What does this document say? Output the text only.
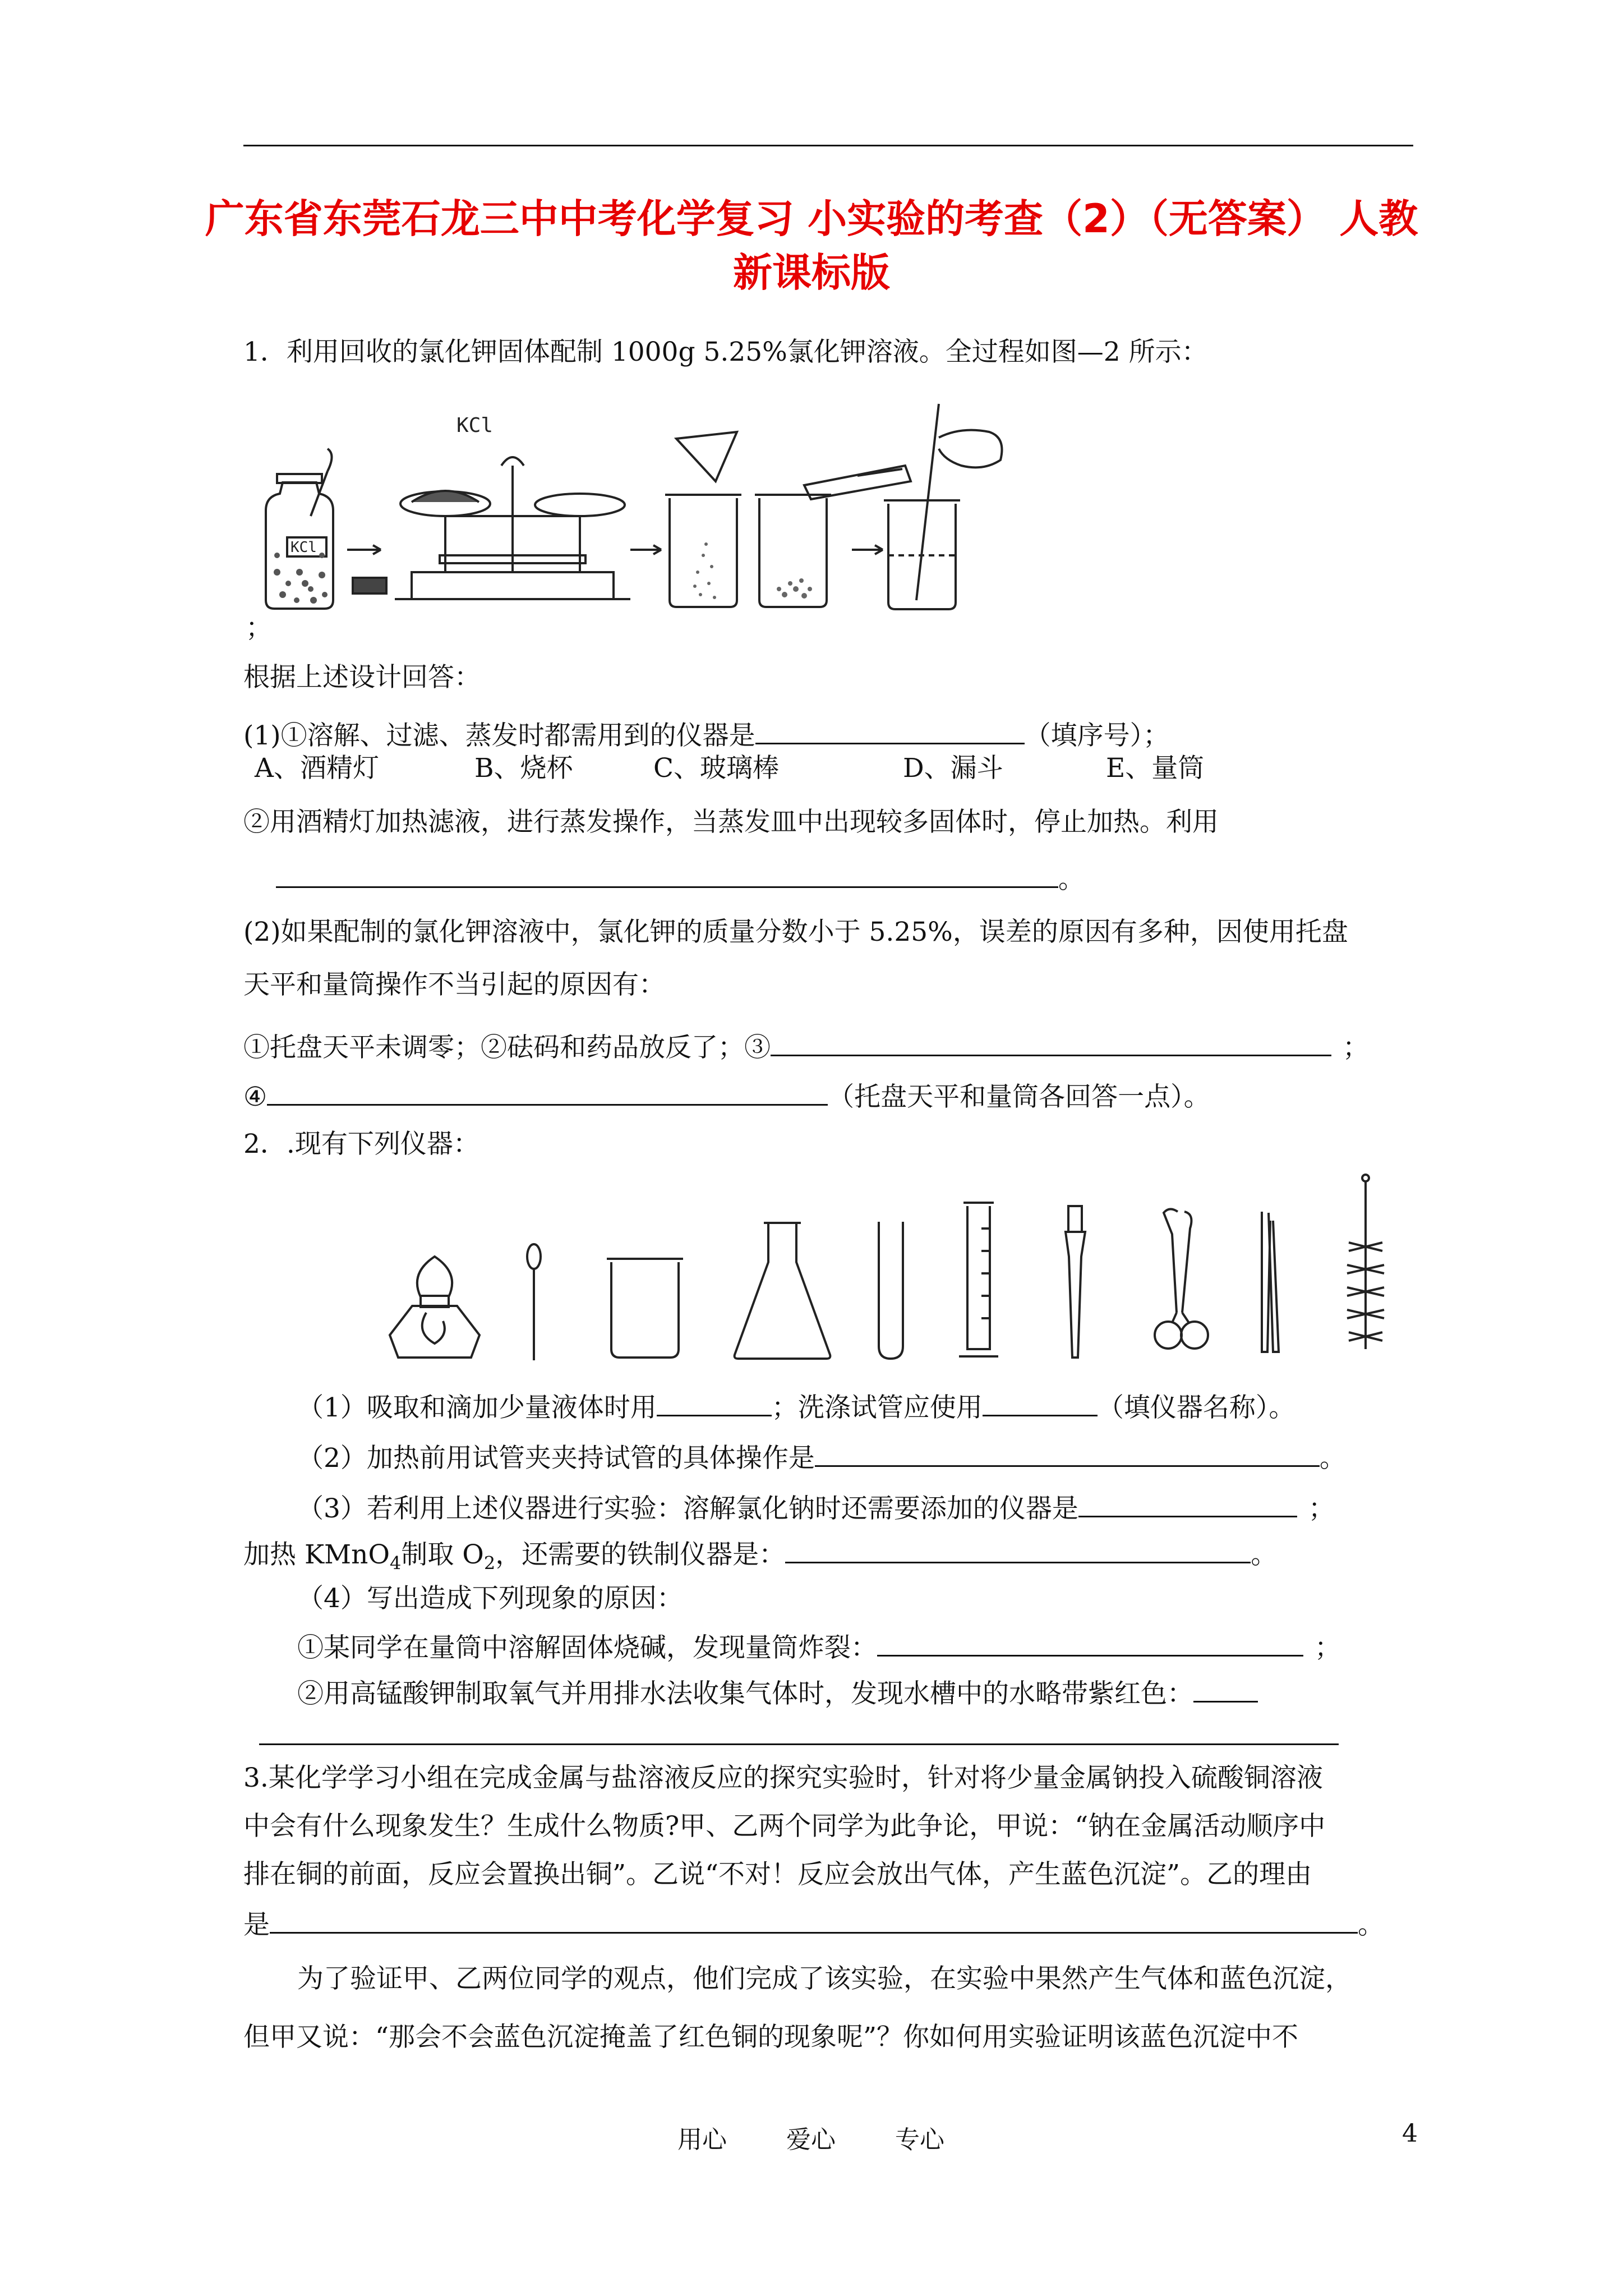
广东省东莞石龙三中中考化学复习 小实验的考查（2）（无答案） 人教
新课标版
1．利用回收的氯化钾固体配制 1000g 5.25%氯化钾溶液。全过程如图—2 所示：
KCl
KCl
；
根据上述设计回答：
(1)①溶解、过滤、蒸发时都需用到的仪器是	（填序号）；
A、酒精灯	B、烧杯	C、玻璃棒	D、漏斗	E、量筒
②用酒精灯加热滤液，进行蒸发操作，当蒸发皿中出现较多固体时，停止加热。利用
。
(2)如果配制的氯化钾溶液中，氯化钾的质量分数小于 5.25%，误差的原因有多种，因使用托盘
天平和量筒操作不当引起的原因有：
①托盘天平未调零；②砝码和药品放反了；③	；
④	（托盘天平和量筒各回答一点）。
2．.现有下列仪器：
（1）吸取和滴加少量液体时用	；洗涤试管应使用	（填仪器名称）。
（2）加热前用试管夹夹持试管的具体操作是	。
（3）若利用上述仪器进行实验：溶解氯化钠时还需要添加的仪器是	；
加热 KMnO$_4$制取 $O_2$，还需要的铁制仪器是：	。
（4）写出造成下列现象的原因：
①某同学在量筒中溶解固体烧碱，发现量筒炸裂：	；
②用高锰酸钾制取氧气并用排水法收集气体时，发现水槽中的水略带紫红色：
3.某化学学习小组在完成金属与盐溶液反应的探究实验时，针对将少量金属钠投入硫酸铜溶液
中会有什么现象发生？生成什么物质?甲、乙两个同学为此争论，甲说：“钠在金属活动顺序中
排在铜的前面，反应会置换出铜”。乙说“不对！反应会放出气体，产生蓝色沉淀”。乙的理由
是	。
为了验证甲、乙两位同学的观点，他们完成了该实验，在实验中果然产生气体和蓝色沉淀，
但甲又说：“那会不会蓝色沉淀掩盖了红色铜的现象呢”？你如何用实验证明该蓝色沉淀中不
用心 爱心 专心	4
